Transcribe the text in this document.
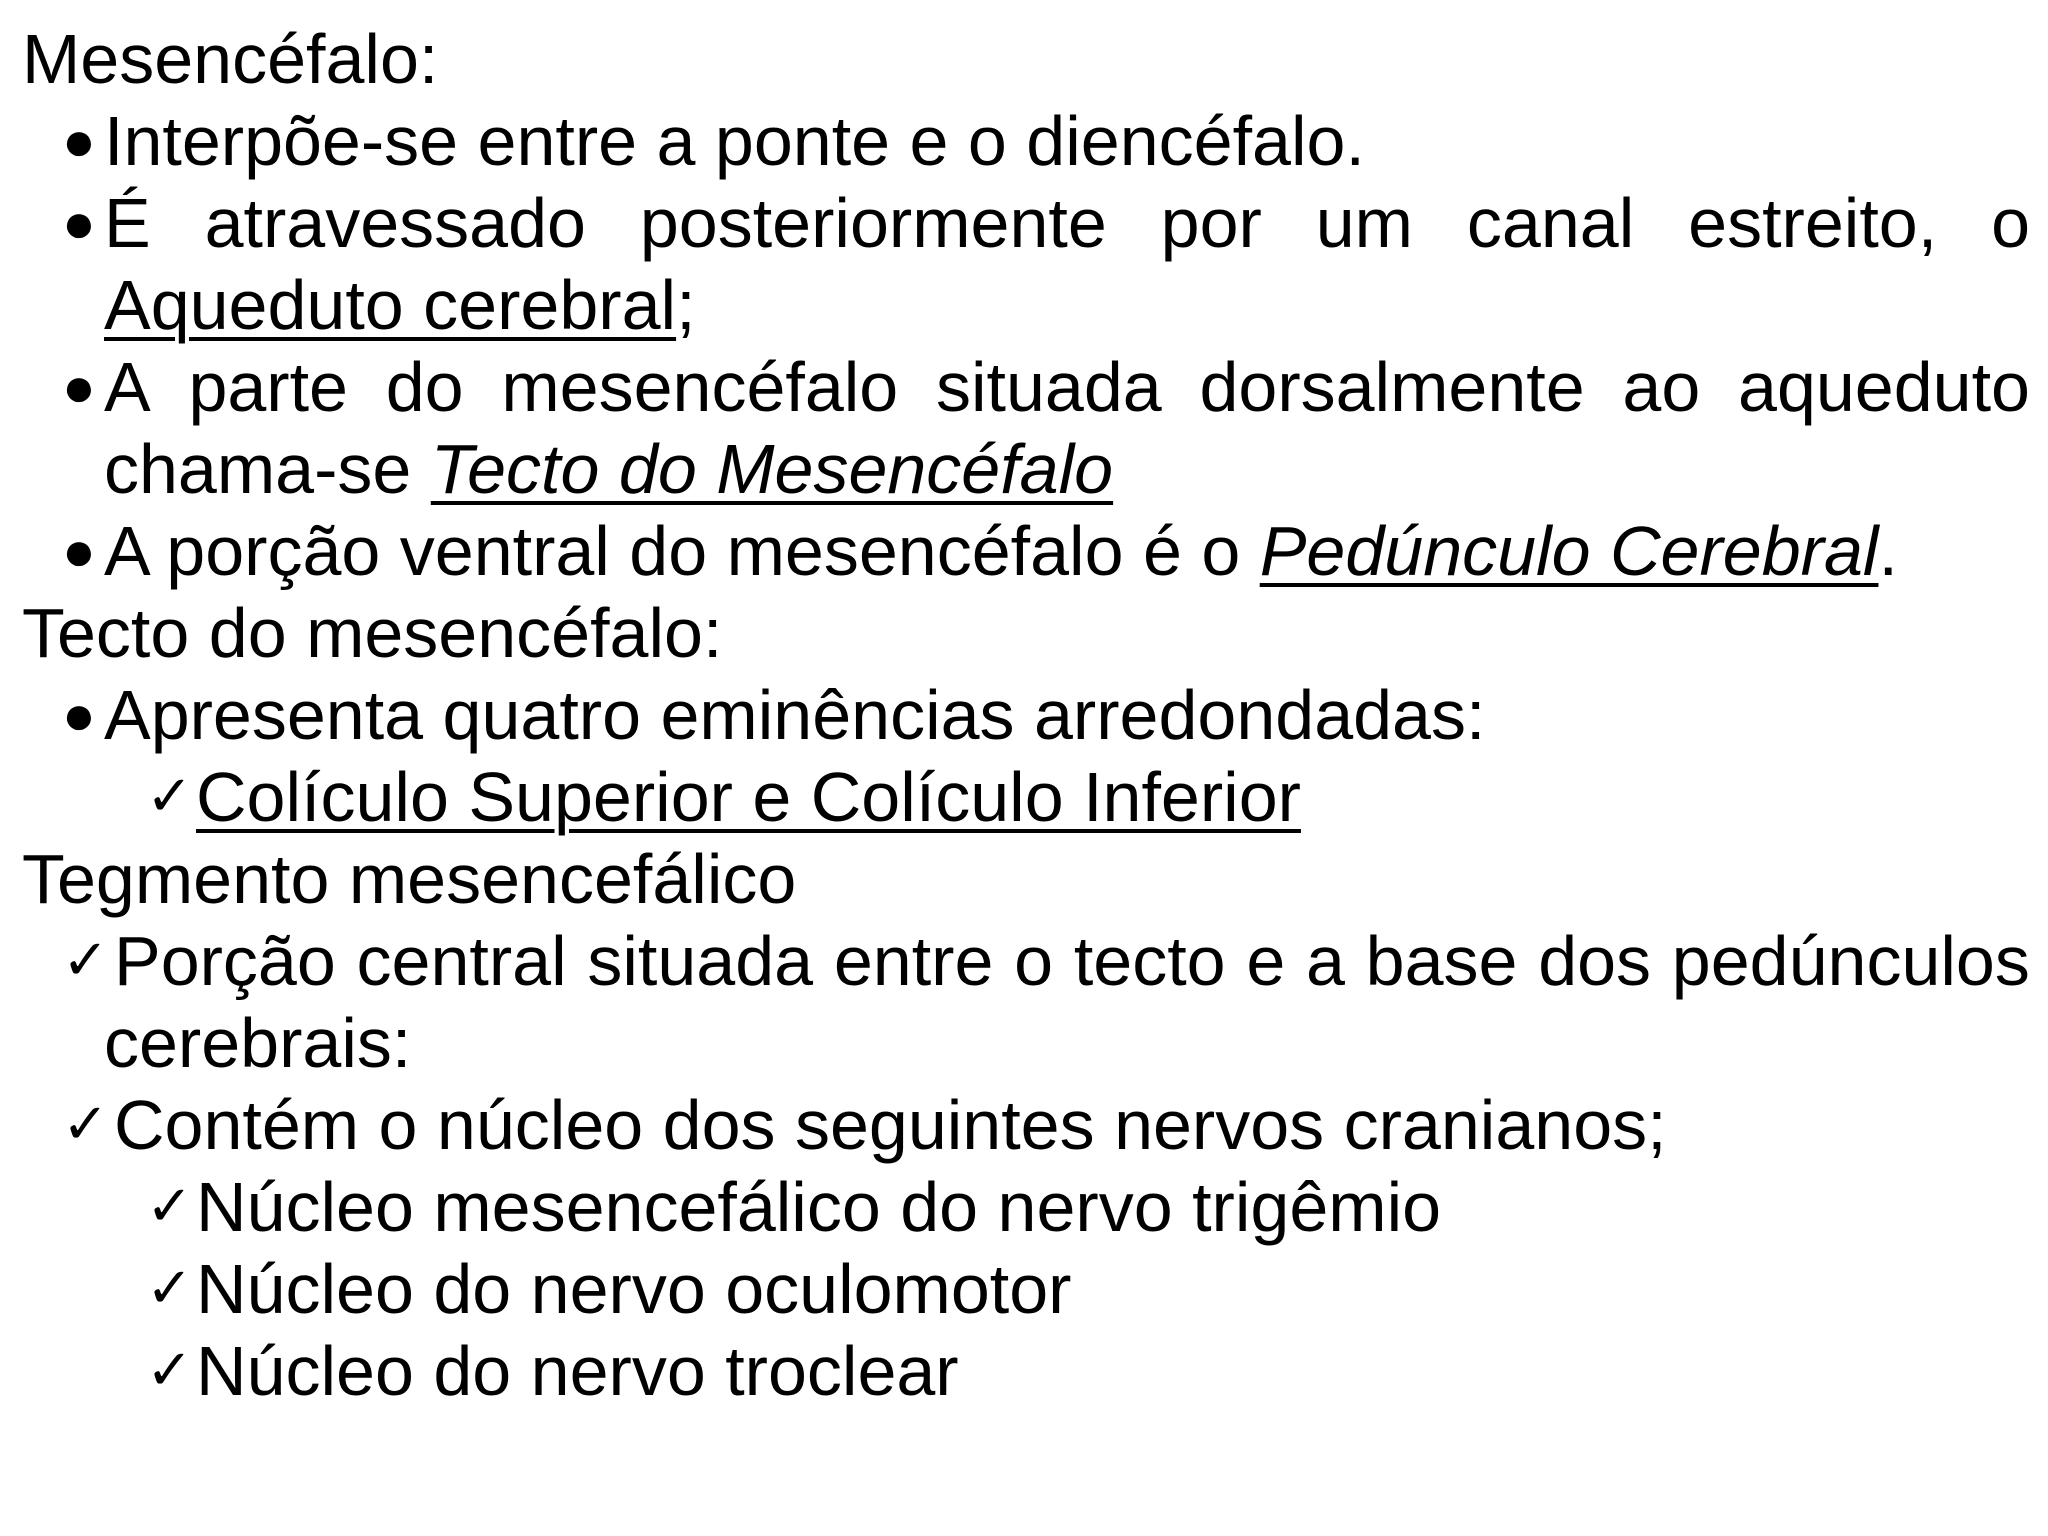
Mesencéfalo:
● Interpõe-se entre a ponte e o diencéfalo.
● É atravessado posteriormente por um canal estreito, o
Aqueduto cerebral;
● A parte do mesencéfalo situada dorsalmente ao aqueduto
chama-se Tecto do Mesencéfalo
● A porção ventral do mesencéfalo é o Pedúnculo Cerebral.
Tecto do mesencéfalo:
● Apresenta quatro eminências arredondadas:
✓ Colículo Superior e Colículo Inferior
Tegmento mesencefálico
✓ Porção central situada entre o tecto e a base dos pedúnculos
cerebrais:
✓ Contém o núcleo dos seguintes nervos cranianos;
✓ Núcleo mesencefálico do nervo trigêmio
✓ Núcleo do nervo oculomotor
✓ Núcleo do nervo troclear
